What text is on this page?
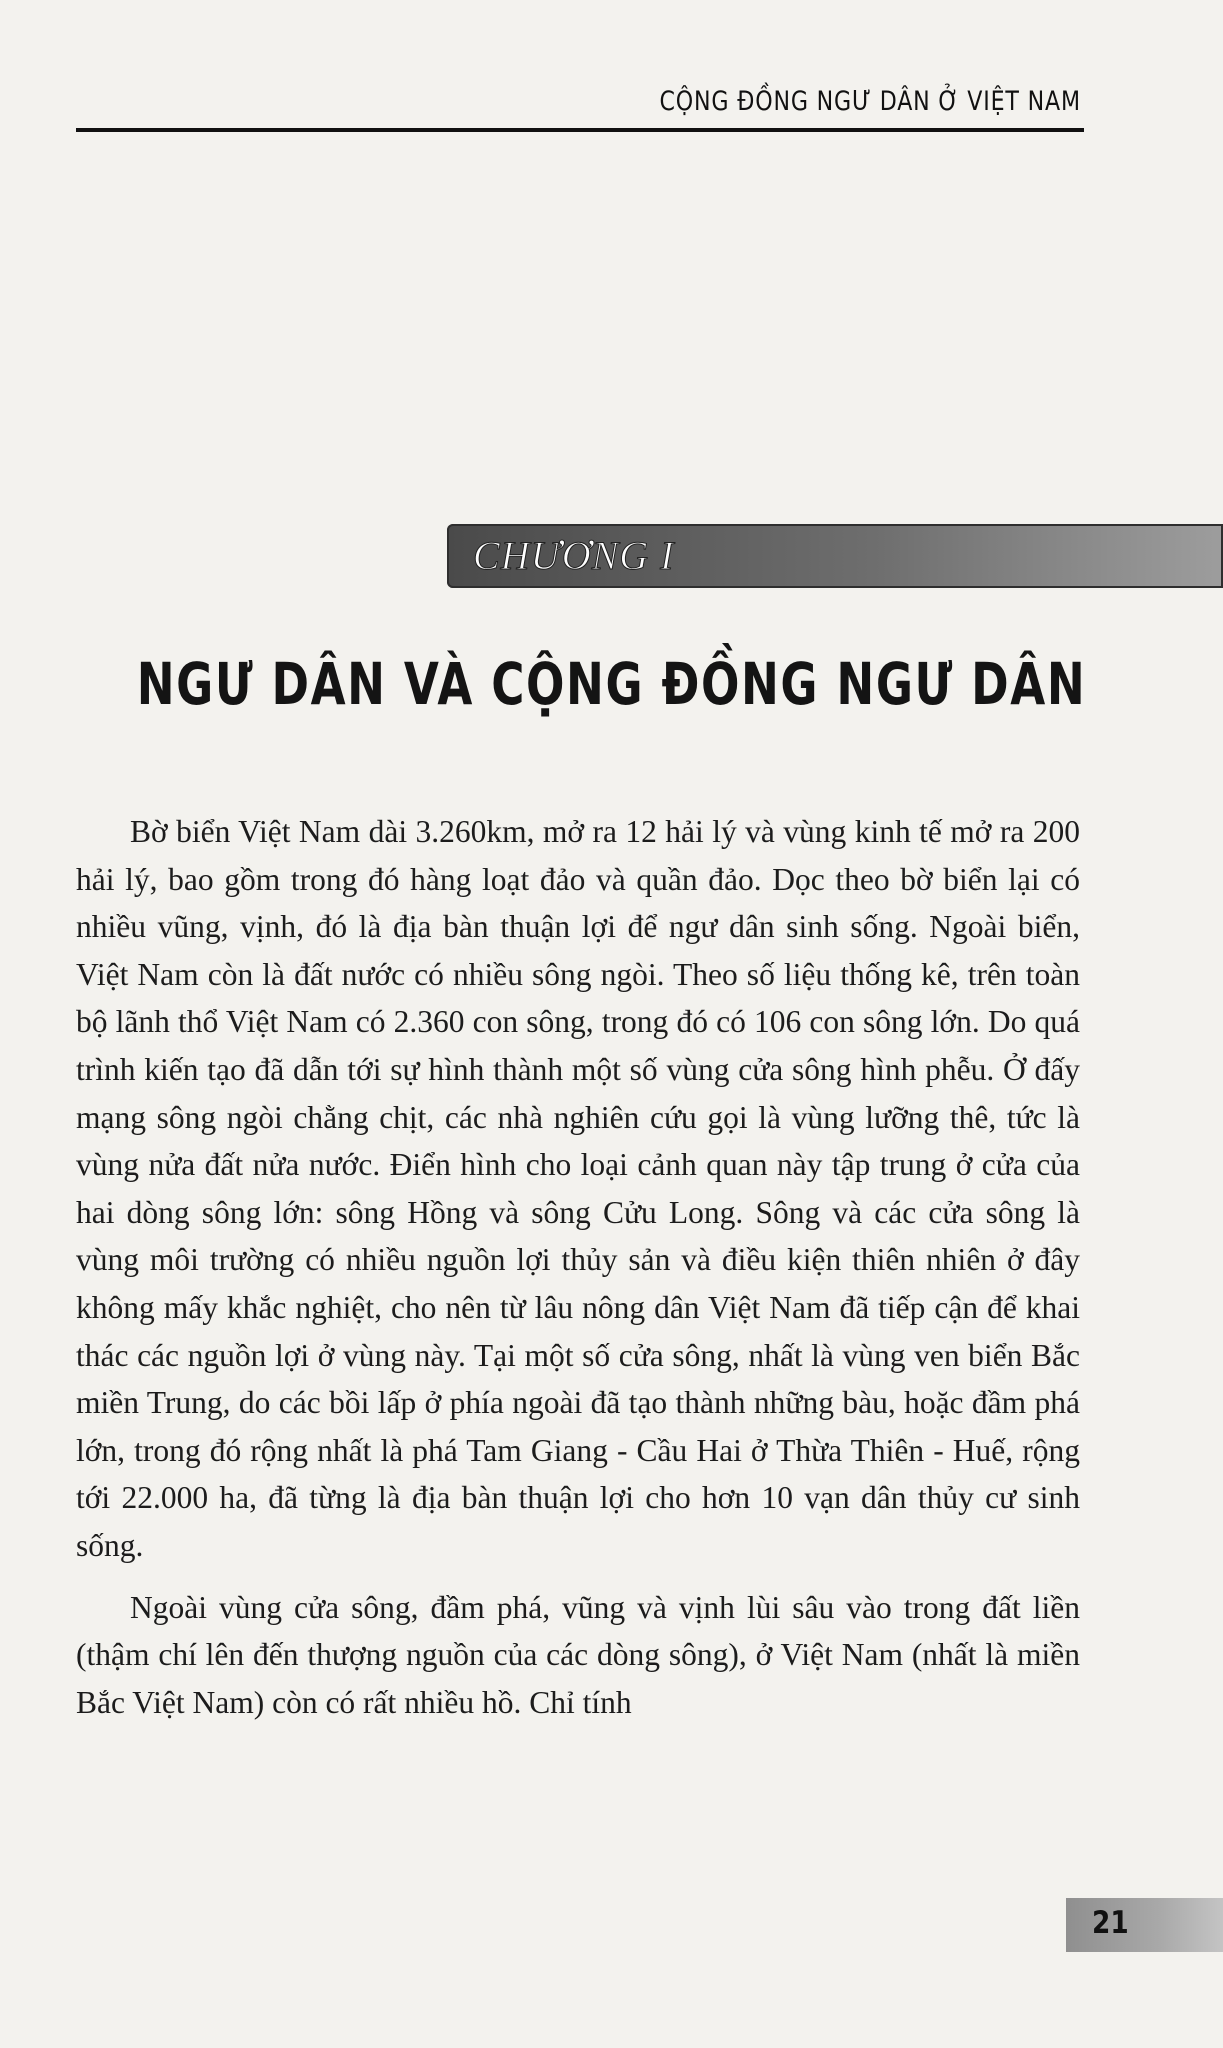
CỘNG ĐỒNG NGƯ DÂN Ở VIỆT NAM
CHƯƠNG I
NGƯ DÂN VÀ CỘNG ĐỒNG NGƯ DÂN

Bờ biển Việt Nam dài 3.260km, mở ra 12 hải lý và vùng kinh tế mở ra 200 hải lý, bao gồm trong đó hàng loạt đảo và quần đảo. Dọc theo bờ biển lại có nhiều vũng, vịnh, đó là địa bàn thuận lợi để ngư dân sinh sống. Ngoài biển, Việt Nam còn là đất nước có nhiều sông ngòi. Theo số liệu thống kê, trên toàn bộ lãnh thổ Việt Nam có 2.360 con sông, trong đó có 106 con sông lớn. Do quá trình kiến tạo đã dẫn tới sự hình thành một số vùng cửa sông hình phễu. Ở đấy mạng sông ngòi chằng chịt, các nhà nghiên cứu gọi là vùng lưỡng thê, tức là vùng nửa đất nửa nước. Điển hình cho loại cảnh quan này tập trung ở cửa của hai dòng sông lớn: sông Hồng và sông Cửu Long. Sông và các cửa sông là vùng môi trường có nhiều nguồn lợi thủy sản và điều kiện thiên nhiên ở đây không mấy khắc nghiệt, cho nên từ lâu nông dân Việt Nam đã tiếp cận để khai thác các nguồn lợi ở vùng này. Tại một số cửa sông, nhất là vùng ven biển Bắc miền Trung, do các bồi lấp ở phía ngoài đã tạo thành những bàu, hoặc đầm phá lớn, trong đó rộng nhất là phá Tam Giang - Cầu Hai ở Thừa Thiên - Huế, rộng tới 22.000 ha, đã từng là địa bàn thuận lợi cho hơn 10 vạn dân thủy cư sinh sống.

Ngoài vùng cửa sông, đầm phá, vũng và vịnh lùi sâu vào trong đất liền (thậm chí lên đến thượng nguồn của các dòng sông), ở Việt Nam (nhất là miền Bắc Việt Nam) còn có rất nhiều hồ. Chỉ tính

21
